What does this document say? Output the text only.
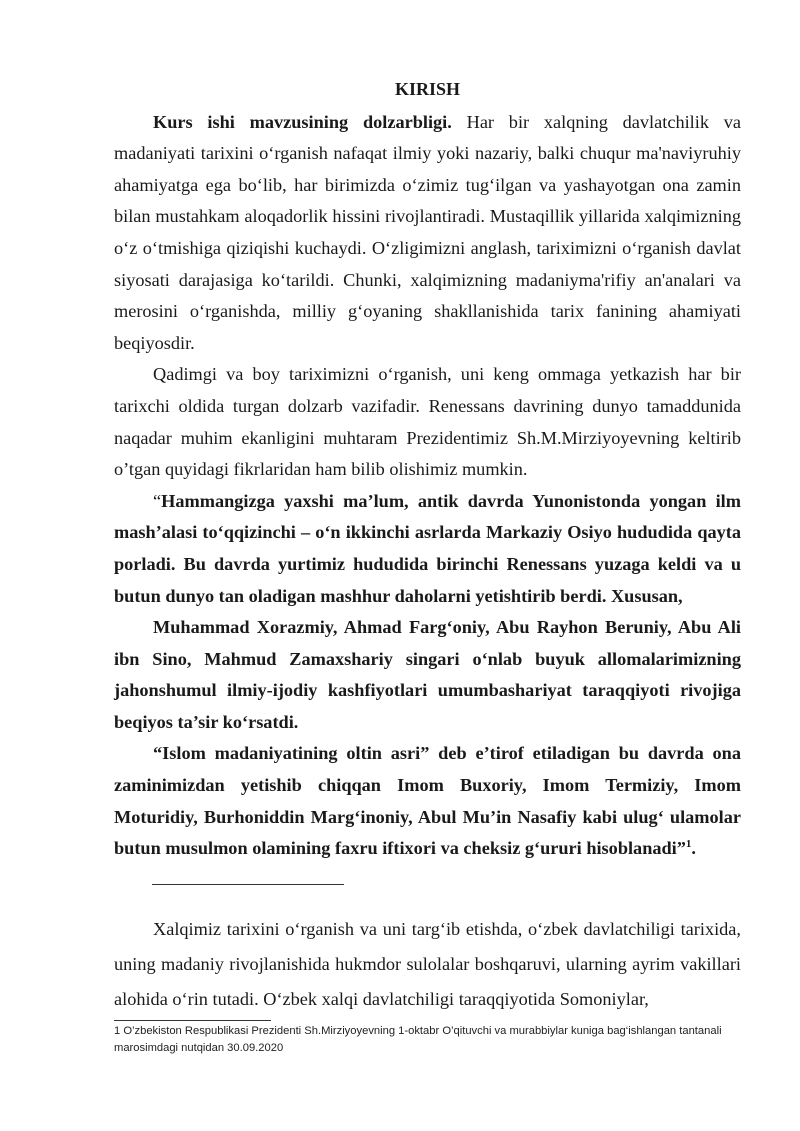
KIRISH

Kurs ishi mavzusining dolzarbligi. Har bir xalqning davlatchilik va madaniyati tarixini o‘rganish nafaqat ilmiy yoki nazariy, balki chuqur ma'naviyruhiy ahamiyatga ega bo‘lib, har birimizda o‘zimiz tug‘ilgan va yashayotgan ona zamin bilan mustahkam aloqadorlik hissini rivojlantiradi. Mustaqillik yillarida xalqimizning o‘z o‘tmishiga qiziqishi kuchaydi. O‘zligimizni anglash, tariximizni o‘rganish davlat siyosati darajasiga ko‘tarildi. Chunki, xalqimizning madaniyma'rifiy an'analari va merosini o‘rganishda, milliy g‘oyaning shakllanishida tarix fanining ahamiyati beqiyosdir.

Qadimgi va boy tariximizni o‘rganish, uni keng ommaga yetkazish har bir tarixchi oldida turgan dolzarb vazifadir. Renessans davrining dunyo tamaddunida naqadar muhim ekanligini muhtaram Prezidentimiz Sh.M.Mirziyoyevning keltirib o’tgan quyidagi fikrlaridan ham bilib olishimiz mumkin.

“Hammangizga yaxshi ma’lum, antik davrda Yunonistonda yongan ilm mash’alasi to‘qqizinchi – o‘n ikkinchi asrlarda Markaziy Osiyo hududida qayta porladi. Bu davrda yurtimiz hududida birinchi Renessans yuzaga keldi va u butun dunyo tan oladigan mashhur daholarni yetishtirib berdi. Xususan,

Muhammad Xorazmiy, Ahmad Farg‘oniy, Abu Rayhon Beruniy, Abu Ali ibn Sino, Mahmud Zamaxshariy singari o‘nlab buyuk allomalarimizning jahonshumul ilmiy-ijodiy kashfiyotlari umumbashariyat taraqqiyoti rivojiga beqiyos ta’sir ko‘rsatdi.

“Islom madaniyatining oltin asri” deb e’tirof etiladigan bu davrda ona zaminimizdan yetishib chiqqan Imom Buxoriy, Imom Termiziy, Imom Moturidiy, Burhoniddin Marg‘inoniy, Abul Mu’in Nasafiy kabi ulug‘ ulamolar butun musulmon olamining faxru iftixori va cheksiz g‘ururi hisoblanadi”$^1$.

Xalqimiz tarixini o‘rganish va uni targ‘ib etishda, o‘zbek davlatchiligi tarixida, uning madaniy rivojlanishida hukmdor sulolalar boshqaruvi, ularning ayrim vakillari alohida o‘rin tutadi. O‘zbek xalqi davlatchiligi taraqqiyotida Somoniylar,

1 O’zbekiston Respublikasi Prezidenti Sh.Mirziyoyevning 1-oktabr O’qituvchi va murabbiylar kuniga bag‘ishlangan tantanali marosimdagi nutqidan 30.09.2020
